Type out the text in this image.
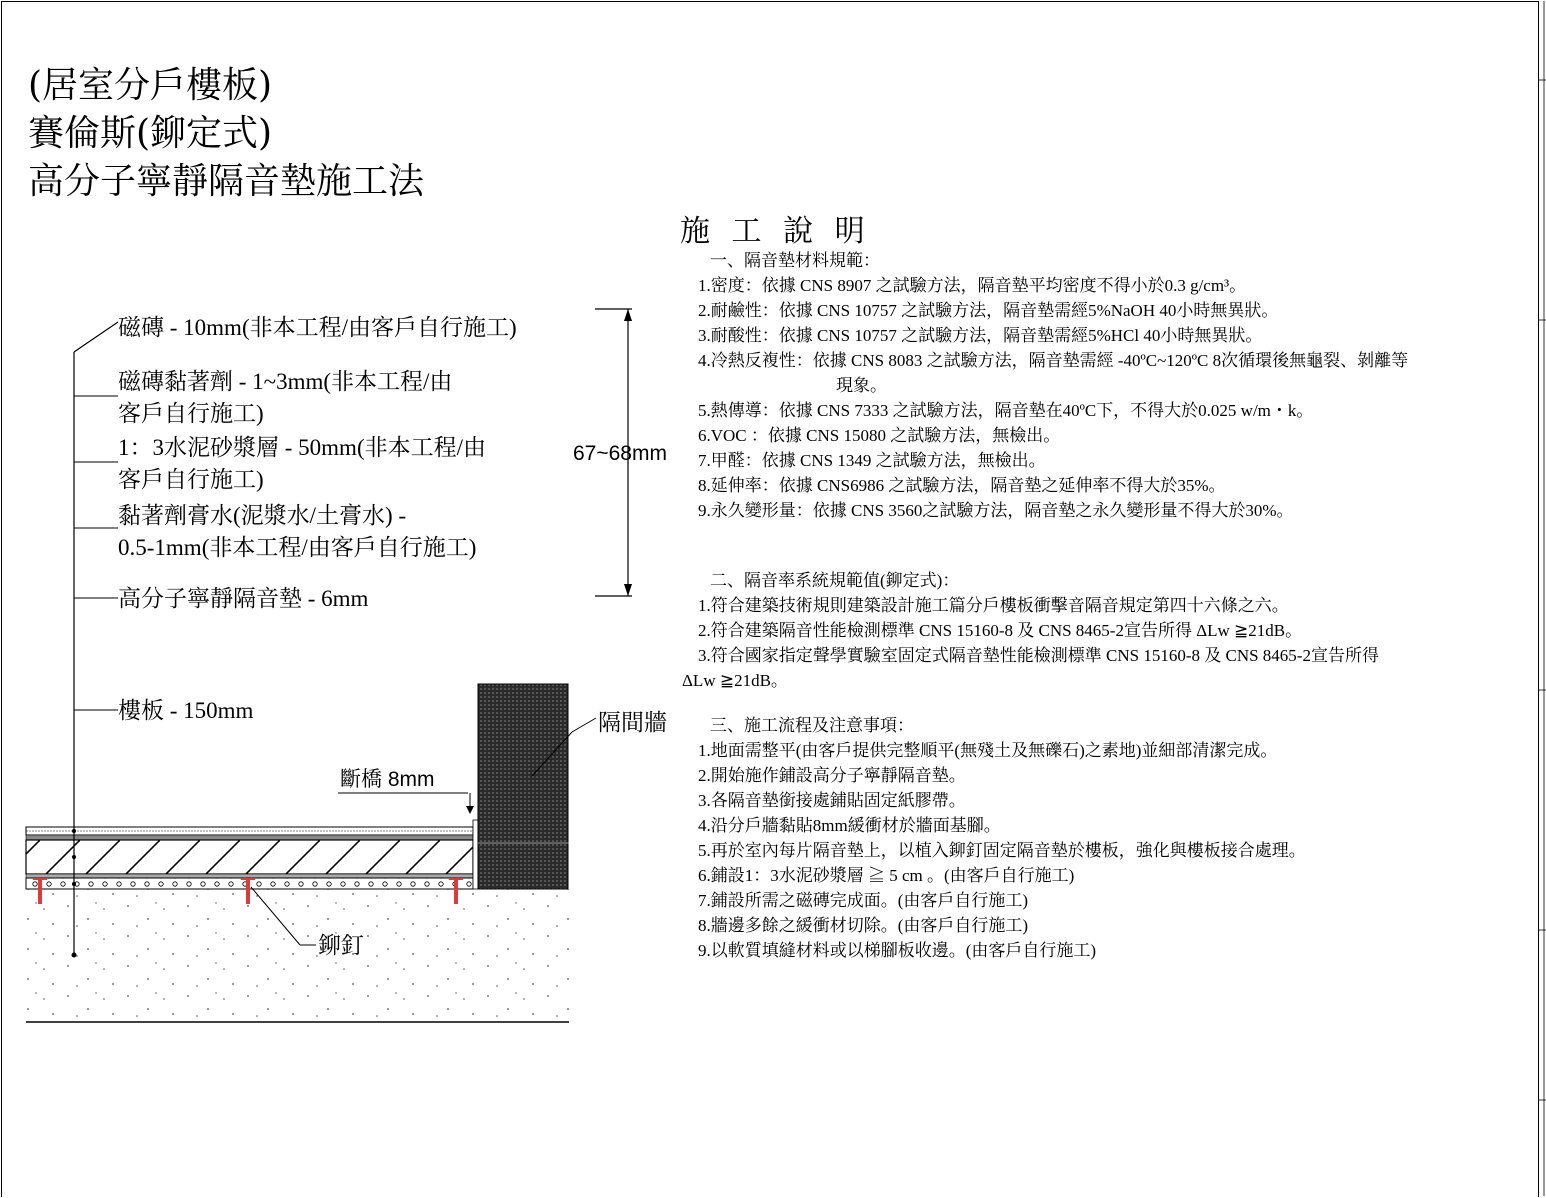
(居室分戶樓板)
賽倫斯(鉚定式)
高分子寧靜隔音墊施工法
磁磚 - 10mm(非本工程/由客戶自行施工)
磁磚黏著劑 - 1~3mm(非本工程/由
客戶自行施工)
1：3水泥砂漿層 - 50mm(非本工程/由
客戶自行施工)
黏著劑膏水(泥漿水/土膏水) -
0.5-1mm(非本工程/由客戶自行施工)
高分子寧靜隔音墊 - 6mm
樓板 - 150mm
67~68mm
隔間牆
斷橋 8mm
鉚釘
施 工 說 明
一、隔音墊材料規範：
1.密度：依據 CNS 8907 之試驗方法，隔音墊平均密度不得小於0.3 g/cm³。
2.耐鹼性：依據 CNS 10757 之試驗方法，隔音墊需經5%NaOH 40小時無異狀。
3.耐酸性：依據 CNS 10757 之試驗方法，隔音墊需經5%HCl 40小時無異狀。
4.冷熱反複性：依據 CNS 8083 之試驗方法，隔音墊需經 -40ºC~120ºC 8次循環後無龜裂、剝離等
現象。
5.熱傳導：依據 CNS 7333 之試驗方法，隔音墊在40ºC下，不得大於0.025 w/m・k。
6.VOC ：依據 CNS 15080 之試驗方法，無檢出。
7.甲醛：依據 CNS 1349 之試驗方法，無檢出。
8.延伸率：依據 CNS6986 之試驗方法，隔音墊之延伸率不得大於35%。
9.永久變形量：依據 CNS 3560之試驗方法，隔音墊之永久變形量不得大於30%。
二、隔音率系統規範值(鉚定式)：
1.符合建築技術規則建築設計施工篇分戶樓板衝擊音隔音規定第四十六條之六。
2.符合建築隔音性能檢測標準 CNS 15160-8 及 CNS 8465-2宣告所得 ΔLw ≧21dB。
3.符合國家指定聲學實驗室固定式隔音墊性能檢測標準 CNS 15160-8 及 CNS 8465-2宣告所得
ΔLw ≧21dB。
三、施工流程及注意事項：
1.地面需整平(由客戶提供完整順平(無殘土及無礫石)之素地)並細部清潔完成。
2.開始施作鋪設高分子寧靜隔音墊。
3.各隔音墊銜接處鋪貼固定紙膠帶。
4.沿分戶牆黏貼8mm緩衝材於牆面基腳。
5.再於室內每片隔音墊上，以植入鉚釘固定隔音墊於樓板，強化與樓板接合處理。
6.鋪設1：3水泥砂漿層 ≧ 5 cm 。(由客戶自行施工)
7.鋪設所需之磁磚完成面。(由客戶自行施工)
8.牆邊多餘之緩衝材切除。(由客戶自行施工)
9.以軟質填縫材料或以梯腳板收邊。(由客戶自行施工)
